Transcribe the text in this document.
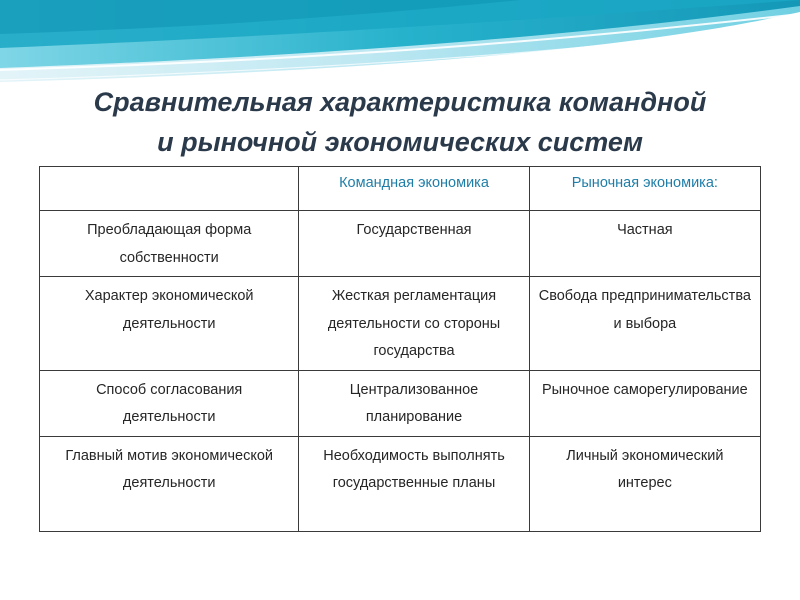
Сравнительная характеристика командной
и рыночной экономических систем
	Командная экономика	Рыночная экономика:
Преобладающая форма собственности	Государственная	Частная
Характер экономической деятельности	Жесткая регламентация деятельности со стороны государства	Свобода предпринимательства и выбора
Способ согласования деятельности	Централизованное планирование	Рыночное саморегулирование
Главный мотив экономической деятельности	Необходимость выполнять государственные планы	Личный экономический интерес
